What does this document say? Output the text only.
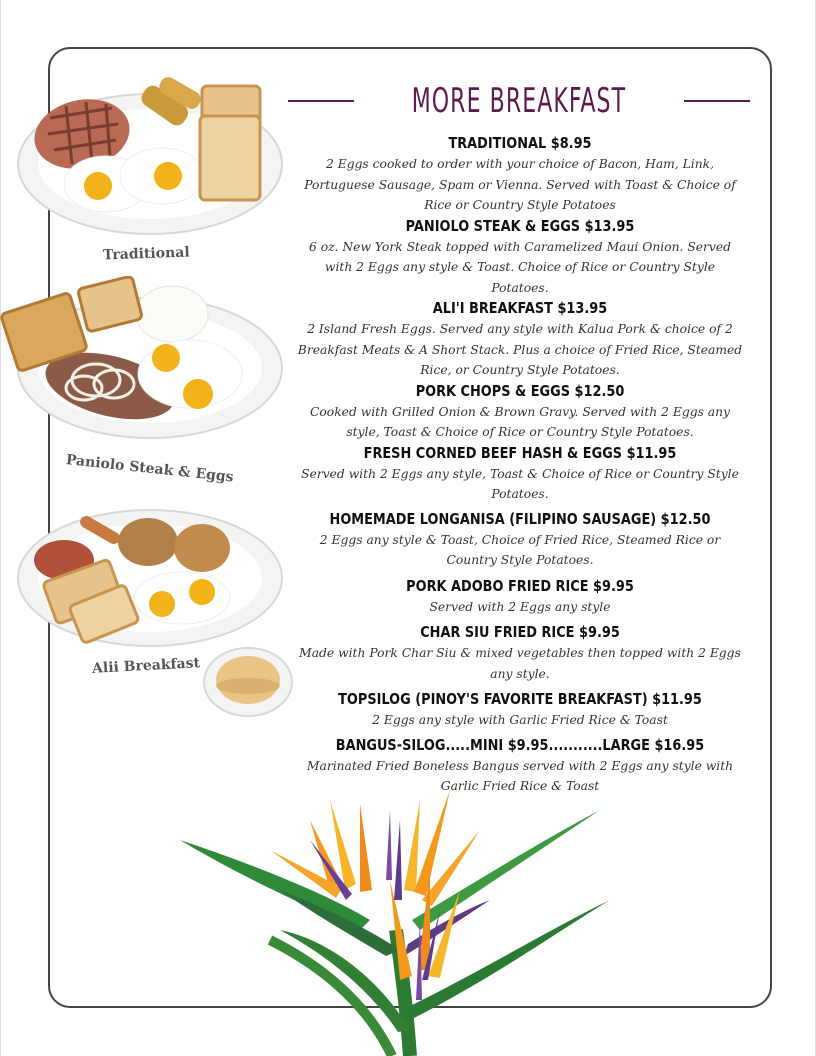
MORE BREAKFAST
Traditional
Paniolo Steak & Eggs
Alii Breakfast
TRADITIONAL $8.95
2 Eggs cooked to order with your choice of Bacon, Ham, Link, Portuguese Sausage, Spam or Vienna. Served with Toast & Choice of Rice or Country Style Potatoes
PANIOLO STEAK & EGGS $13.95
6 oz. New York Steak topped with Caramelized Maui Onion. Served with 2 Eggs any style & Toast. Choice of Rice or Country Style Potatoes.
ALI'I BREAKFAST $13.95
2 Island Fresh Eggs. Served any style with Kalua Pork & choice of 2 Breakfast Meats & A Short Stack. Plus a choice of Fried Rice, Steamed Rice, or Country Style Potatoes.
PORK CHOPS & EGGS $12.50
Cooked with Grilled Onion & Brown Gravy. Served with 2 Eggs any style, Toast & Choice of Rice or Country Style Potatoes.
FRESH CORNED BEEF HASH & EGGS $11.95
Served with 2 Eggs any style, Toast & Choice of Rice or Country Style Potatoes.
HOMEMADE LONGANISA (FILIPINO SAUSAGE) $12.50
2 Eggs any style & Toast, Choice of Fried Rice, Steamed Rice or Country Style Potatoes.
PORK ADOBO FRIED RICE $9.95
Served with 2 Eggs any style
CHAR SIU FRIED RICE $9.95
Made with Pork Char Siu & mixed vegetables then topped with 2 Eggs any style.
TOPSILOG (PINOY'S FAVORITE BREAKFAST) $11.95
2 Eggs any style with Garlic Fried Rice & Toast
BANGUS-SILOG.....MINI $9.95...........LARGE $16.95
Marinated Fried Boneless Bangus served with 2 Eggs any style with Garlic Fried Rice & Toast
